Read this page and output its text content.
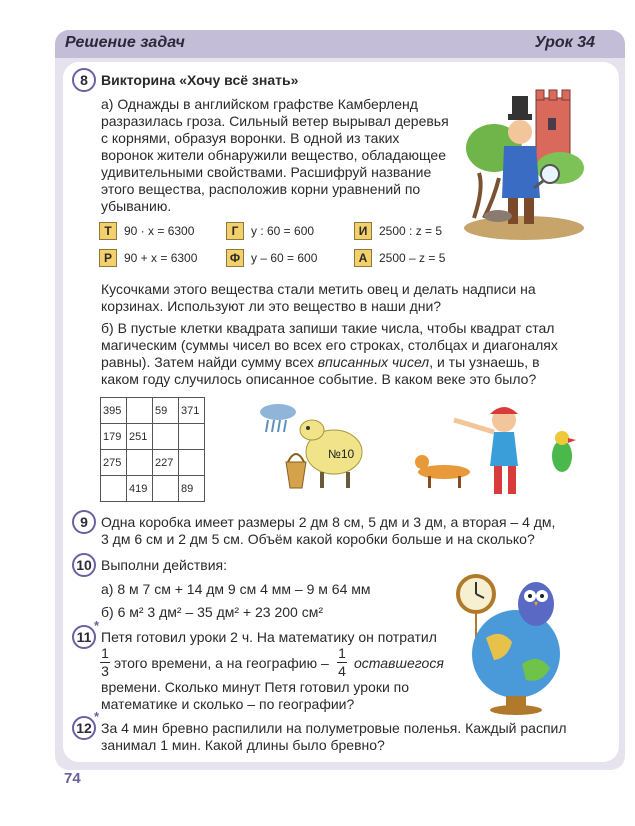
Решение задач	Урок 34
8 Викторина «Хочу всё знать»
а) Однажды в английском графстве Камберленд
разразилась гроза. Сильный ветер вырывал деревья
с корнями, образуя воронки. В одной из таких
воронок жители обнаружили вещество, обладающее
удивительными свойствами. Расшифруй название
этого вещества, расположив корни уравнений по
убыванию.
Т	90 · x = 6300	Г	y : 60 = 600	И 2500 : z = 5
Р	90 + x = 6300	Ф y – 60 = 600	А 2500 – z = 5
Кусочками этого вещества стали метить овец и делать надписи на
корзинах. Используют ли это вещество в наши дни?
б) В пустые клетки квадрата запиши такие числа, чтобы квадрат стал
магическим (суммы чисел во всех его строках, столбцах и диагоналях
равны). Затем найди сумму всех вписанных чисел, и ты узнаешь, в
каком году случилось описанное событие. В каком веке это было?
395		59	371
179	251		
275		227	
	419		89
№10
9 Одна коробка имеет размеры 2 дм 8 см, 5 дм и 3 дм, а вторая – 4 дм,
3 дм 6 см и 2 дм 5 см. Объём какой коробки больше и на сколько?
10 Выполни действия:
а) 8 м 7 см + 14 дм 9 см 4 мм – 9 м 64 мм
б) 6 м² 3 дм² – 35 дм² + 23 200 см²
11
*
Петя готовил уроки 2 ч. На математику он потратил
1
3 этого времени, а на географию –
1
4 оставшегося
времени. Сколько минут Петя готовил уроки по
математике и сколько – по географии?
12
*
За 4 мин бревно распилили на полуметровые поленья. Каждый распил
занимал 1 мин. Какой длины было бревно?
74
